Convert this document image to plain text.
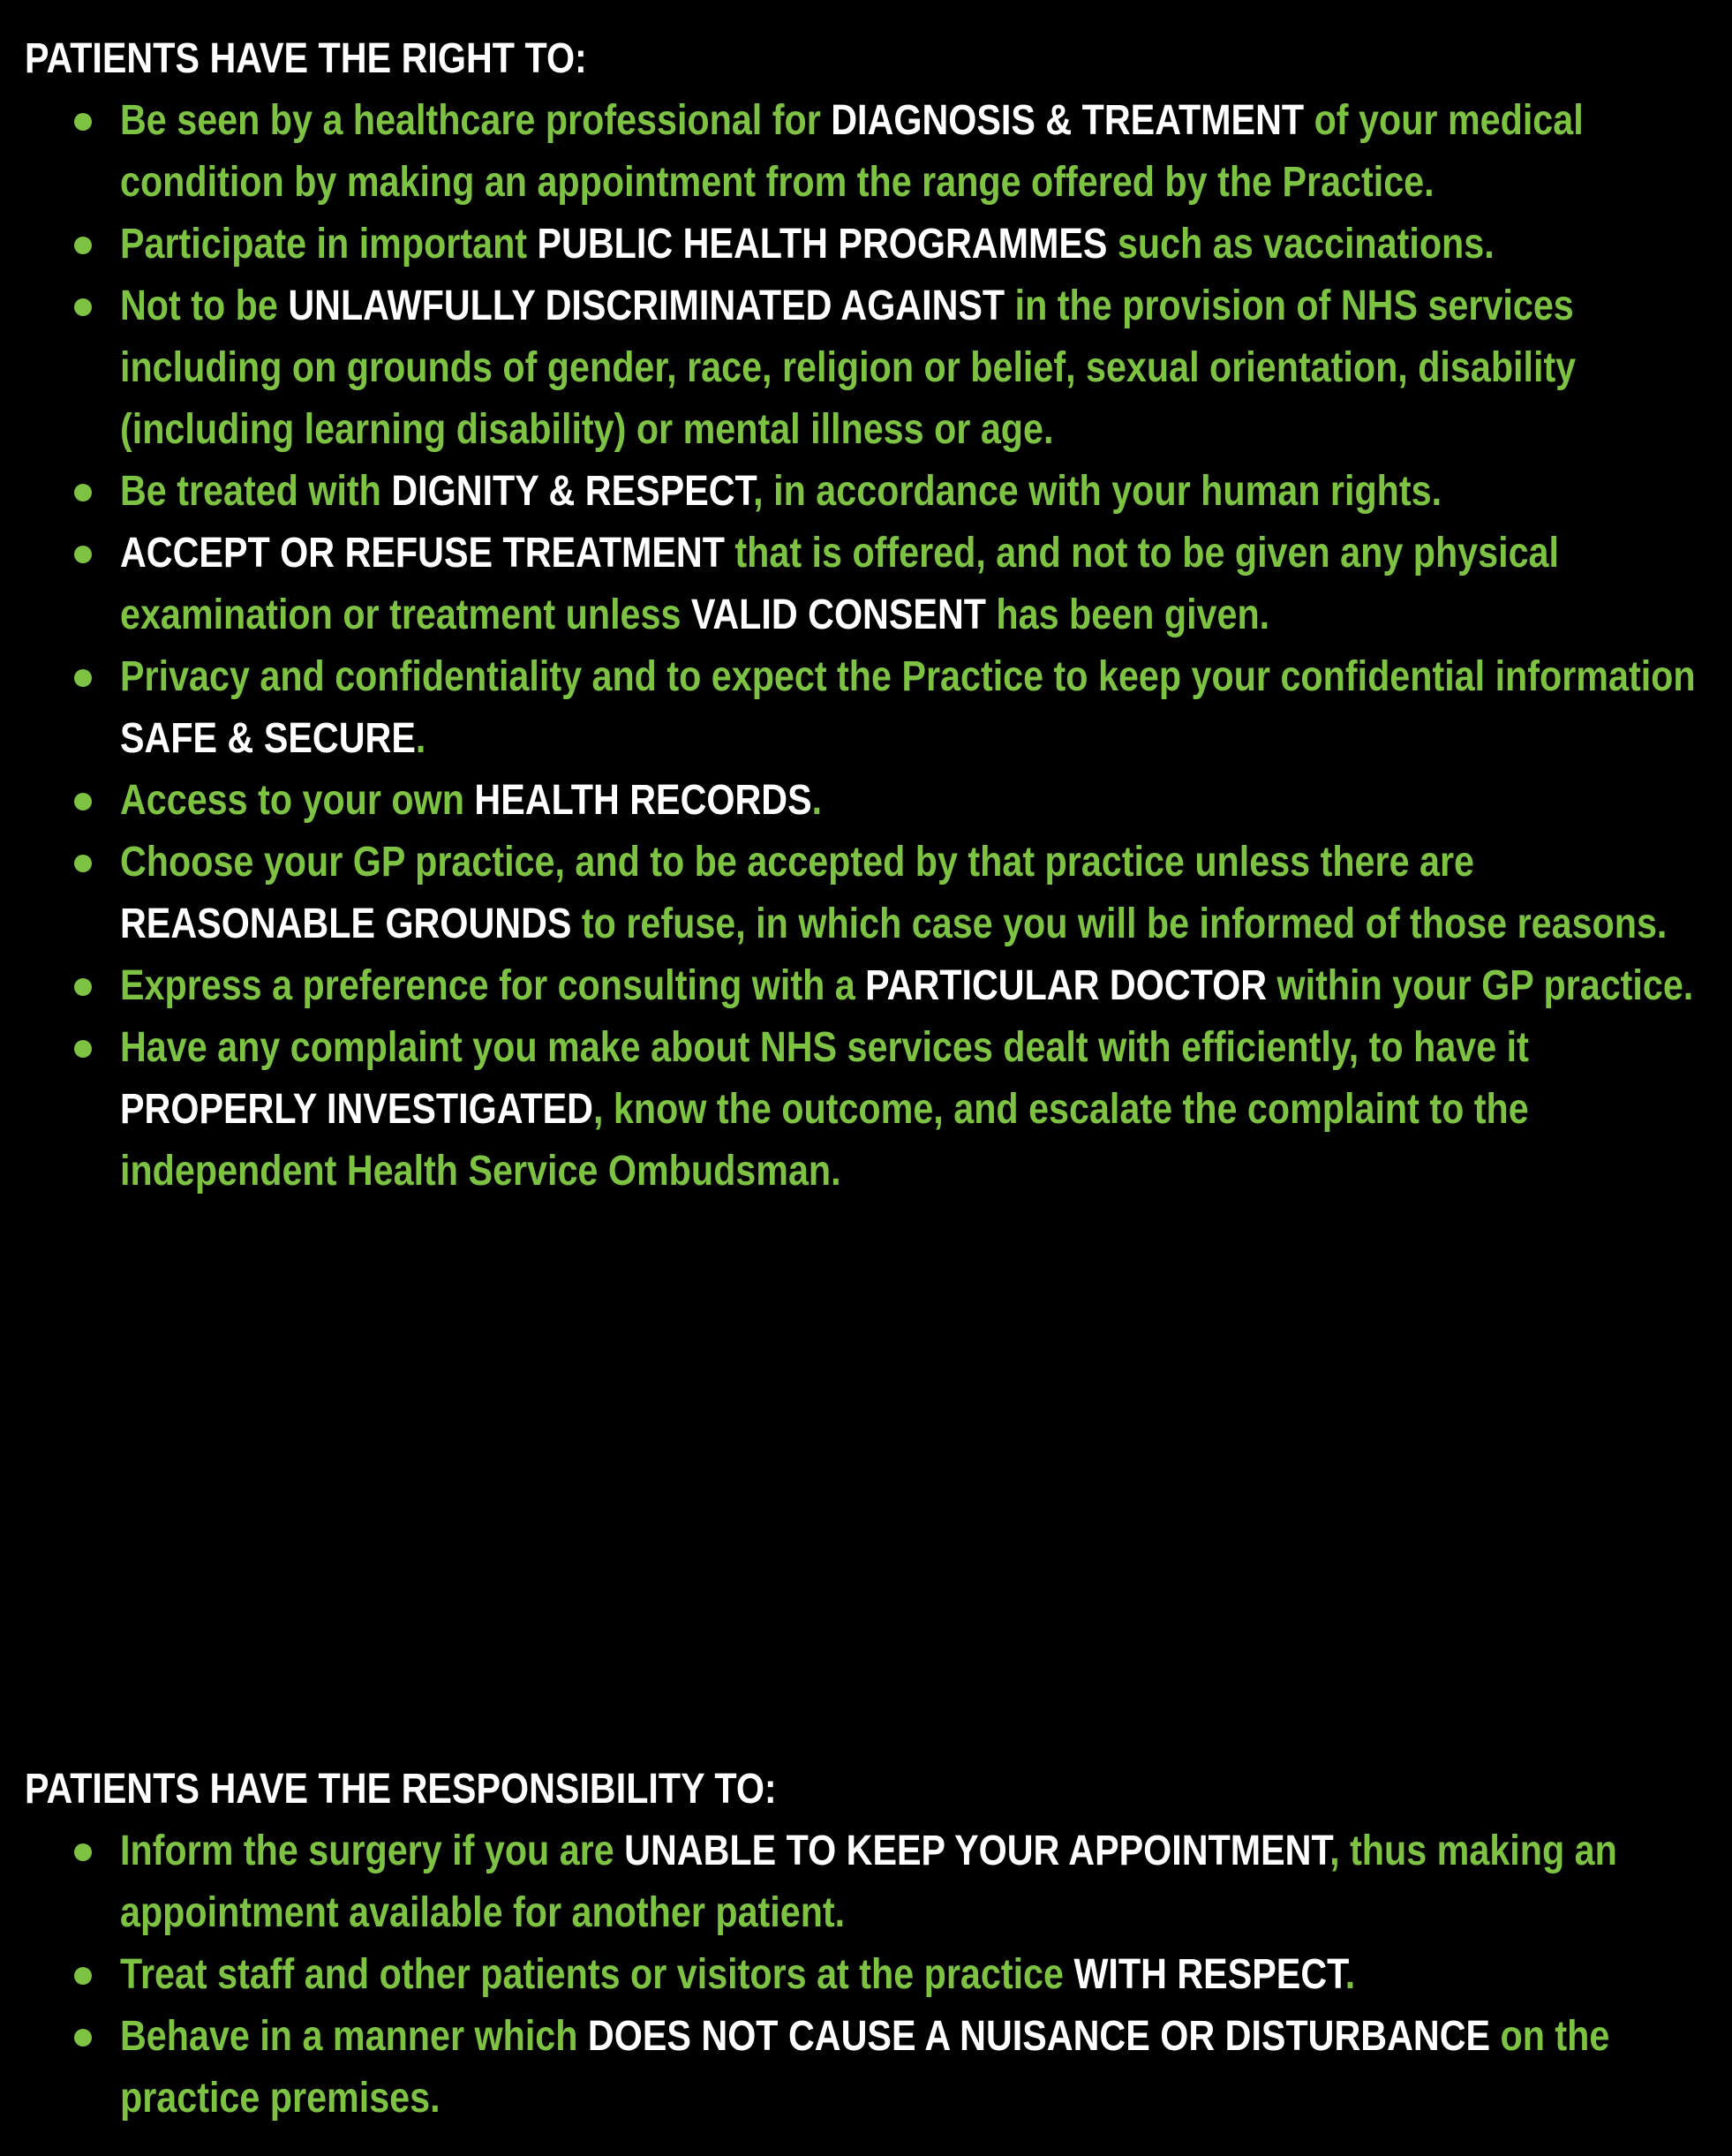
PATIENTS HAVE THE RIGHT TO:
Be seen by a healthcare professional for DIAGNOSIS & TREATMENT of your medical condition by making an appointment from the range offered by the Practice.
Participate in important PUBLIC HEALTH PROGRAMMES such as vaccinations.
Not to be UNLAWFULLY DISCRIMINATED AGAINST in the provision of NHS services including on grounds of gender, race, religion or belief, sexual orientation, disability (including learning disability) or mental illness or age.
Be treated with DIGNITY & RESPECT, in accordance with your human rights.
ACCEPT OR REFUSE TREATMENT that is offered, and not to be given any physical examination or treatment unless VALID CONSENT has been given.
Privacy and confidentiality and to expect the Practice to keep your confidential information SAFE & SECURE.
Access to your own HEALTH RECORDS.
Choose your GP practice, and to be accepted by that practice unless there are REASONABLE GROUNDS to refuse, in which case you will be informed of those reasons.
Express a preference for consulting with a PARTICULAR DOCTOR within your GP practice.
Have any complaint you make about NHS services dealt with efficiently, to have it PROPERLY INVESTIGATED, know the outcome, and escalate the complaint to the independent Health Service Ombudsman.
PATIENTS HAVE THE RESPONSIBILITY TO:
Inform the surgery if you are UNABLE TO KEEP YOUR APPOINTMENT, thus making an appointment available for another patient.
Treat staff and other patients or visitors at the practice WITH RESPECT.
Behave in a manner which DOES NOT CAUSE A NUISANCE OR DISTURBANCE on the practice premises.
